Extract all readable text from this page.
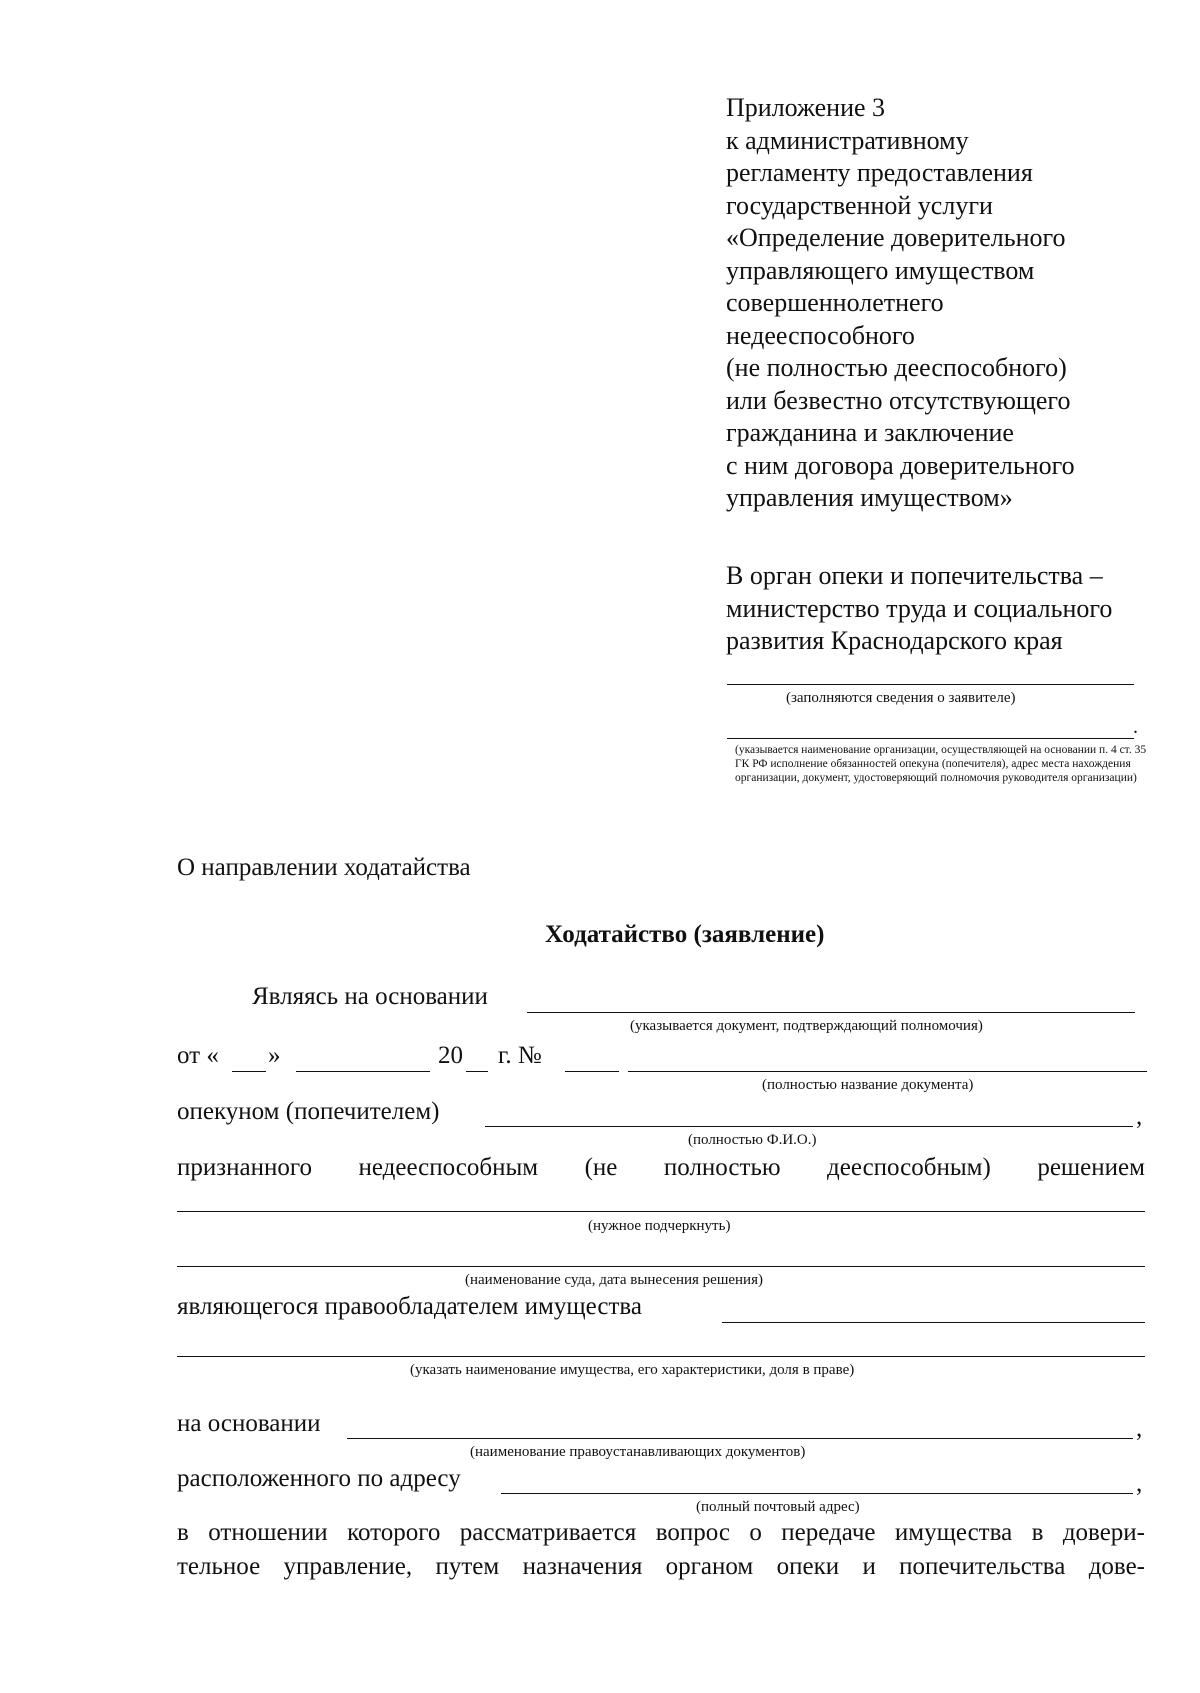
Приложение 3
к административному
регламенту предоставления
государственной услуги
«Определение доверительного
управляющего имуществом
совершеннолетнего
недееспособного
(не полностью дееспособного)
или безвестно отсутствующего
гражданина и заключение
с ним договора доверительного
управления имуществом»
В орган опеки и попечительства –
министерство труда и социального
развития Краснодарского края
(заполняются сведения о заявителе)
.
(указывается наименование организации, осуществляющей на основании п. 4 ст. 35 ГК РФ исполнение обязанностей опекуна (попечителя), адрес места нахождения организации, документ, удостоверяющий полномочия руководителя организации)
О направлении ходатайства
Ходатайство (заявление)
Являясь на основании
(указывается документ, подтверждающий полномочия)
от « »	20 г. №
(полностью название документа)
опекуном (попечителем)	,
(полностью Ф.И.О.)
признанного недееспособным (не полностью дееспособным) решением
(нужное подчеркнуть)
(наименование суда, дата вынесения решения)
являющегося правообладателем имущества
(указать наименование имущества, его характеристики, доля в праве)
на основании	,
(наименование правоустанавливающих документов)
расположенного по адресу	,
(полный почтовый адрес)
в отношении которого рассматривается вопрос о передаче имущества в довери-
тельное управление, путем назначения органом опеки и попечительства дове-
